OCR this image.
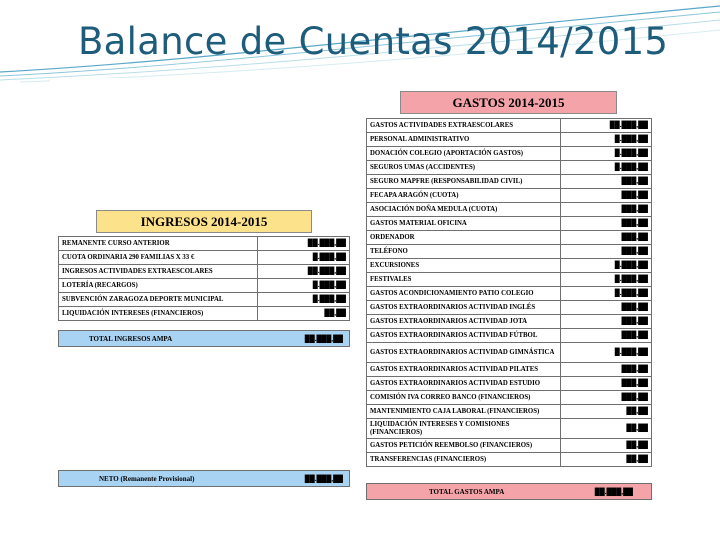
Balance de Cuentas 2014/2015
GASTOS 2014-2015
GASTOS ACTIVIDADES EXTRAESCOLARES	██.███,██
PERSONAL ADMINISTRATIVO	█.███,██
DONACIÓN COLEGIO (APORTACIÓN GASTOS)	█.███,██
SEGUROS UMAS (ACCIDENTES)	█.███,██
SEGURO MAPFRE (RESPONSABILIDAD CIVIL)	███,██
FECAPA ARAGÓN (CUOTA)	███,██
ASOCIACIÓN DOÑA MEDULA (CUOTA)	███,██
GASTOS MATERIAL OFICINA	███,██
ORDENADOR	███,██
TELÉFONO	███,██
EXCURSIONES	█.███,██
FESTIVALES	█.███,██
GASTOS ACONDICIONAMIENTO PATIO COLEGIO	█.███,██
GASTOS EXTRAORDINARIOS ACTIVIDAD INGLÉS	███,██
GASTOS EXTRAORDINARIOS ACTIVIDAD JOTA	███,██
GASTOS EXTRAORDINARIOS ACTIVIDAD FÚTBOL	███,██
GASTOS EXTRAORDINARIOS ACTIVIDAD GIMNÁSTICA	█.███,██
GASTOS EXTRAORDINARIOS ACTIVIDAD PILATES	███,██
GASTOS EXTRAORDINARIOS ACTIVIDAD ESTUDIO	███,██
COMISIÓN IVA CORREO BANCO (FINANCIEROS)	███,██
MANTENIMIENTO CAJA LABORAL (FINANCIEROS)	██,██
LIQUIDACIÓN INTERESES Y COMISIONES (FINANCIEROS)	██,██
GASTOS PETICIÓN REEMBOLSO (FINANCIEROS)	██,██
TRANSFERENCIAS (FINANCIEROS)	██,██
TOTAL GASTOS AMPA	██.███,██
INGRESOS 2014-2015
REMANENTE CURSO ANTERIOR	██.███,██
CUOTA ORDINARIA 290 FAMILIAS X 33 €	█.███,██
INGRESOS ACTIVIDADES EXTRAESCOLARES	██.███,██
LOTERÍA (RECARGOS)	█.███,██
SUBVENCIÓN ZARAGOZA DEPORTE MUNICIPAL	█.███,██
LIQUIDACIÓN INTERESES (FINANCIEROS)	██,██
TOTAL INGRESOS AMPA	██.███,██
NETO (Remanente Provisional)	██.███,██
